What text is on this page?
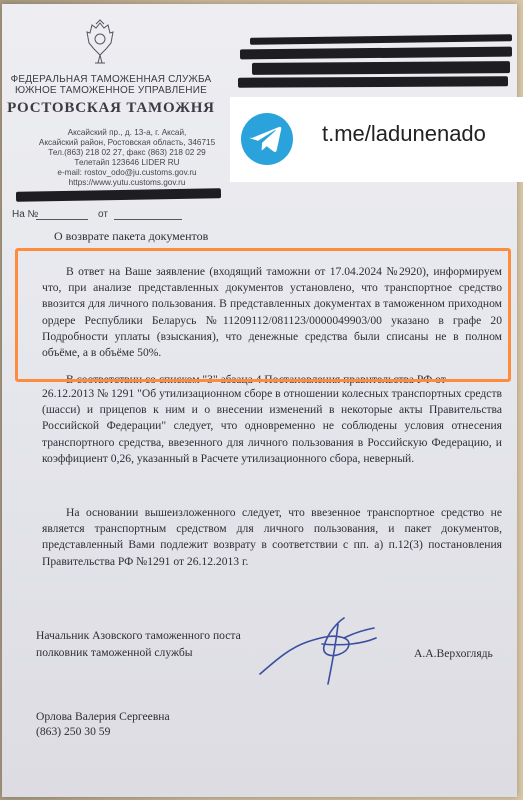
ФЕДЕРАЛЬНАЯ ТАМОЖЕННАЯ СЛУЖБА
ЮЖНОЕ ТАМОЖЕННОЕ УПРАВЛЕНИЕ
РОСТОВСКАЯ ТАМОЖНЯ
Аксайский пр., д. 13-а, г. Аксай,
Аксайский район, Ростовская область, 346715
Тел.(863) 218 02 27, факс (863) 218 02 29
Телетайп 123646 LIDER RU
e-mail: rostov_odo@ju.customs.gov.ru
https://www.yutu.customs.gov.ru
На №	от
О возврате пакета документов
В ответ на Ваше заявление (входящий таможни от 17.04.2024 №2920), информируем что, при анализе представленных документов установлено, что транспортное средство ввозится для личного пользования. В представленных документах в таможенном приходном ордере Республики Беларусь №11209112/081123/0000049903/00 указано в графе 20 Подробности уплаты (взыскания), что денежные средства были списаны не в полном объёме, а в объёме 50%.
В соответствии со списком "3" абзаца 4 Постановления правительства РФ от
26.12.2013 № 1291 "Об утилизационном сборе в отношении колесных транспортных средств (шасси) и прицепов к ним и о внесении изменений в некоторые акты Правительства Российской Федерации" следует, что одновременно не соблюдены условия отнесения транспортного средства, ввезенного для личного пользования в Российскую Федерацию, и коэффициент 0,26, указанный в Расчете утилизационного сбора, неверный.
На основании вышеизложенного следует, что ввезенное транспортное средство не является транспортным средством для личного пользования, и пакет документов, представленный Вами подлежит возврату в соответствии с пп. а) п.12(3) постановления Правительства РФ №1291 от 26.12.2013 г.
Начальник Азовского таможенного поста
полковник таможенной службы	А.А.Верхоглядь
Орлова Валерия Сергеевна
(863) 250 30 59
t.me/ladunenado
